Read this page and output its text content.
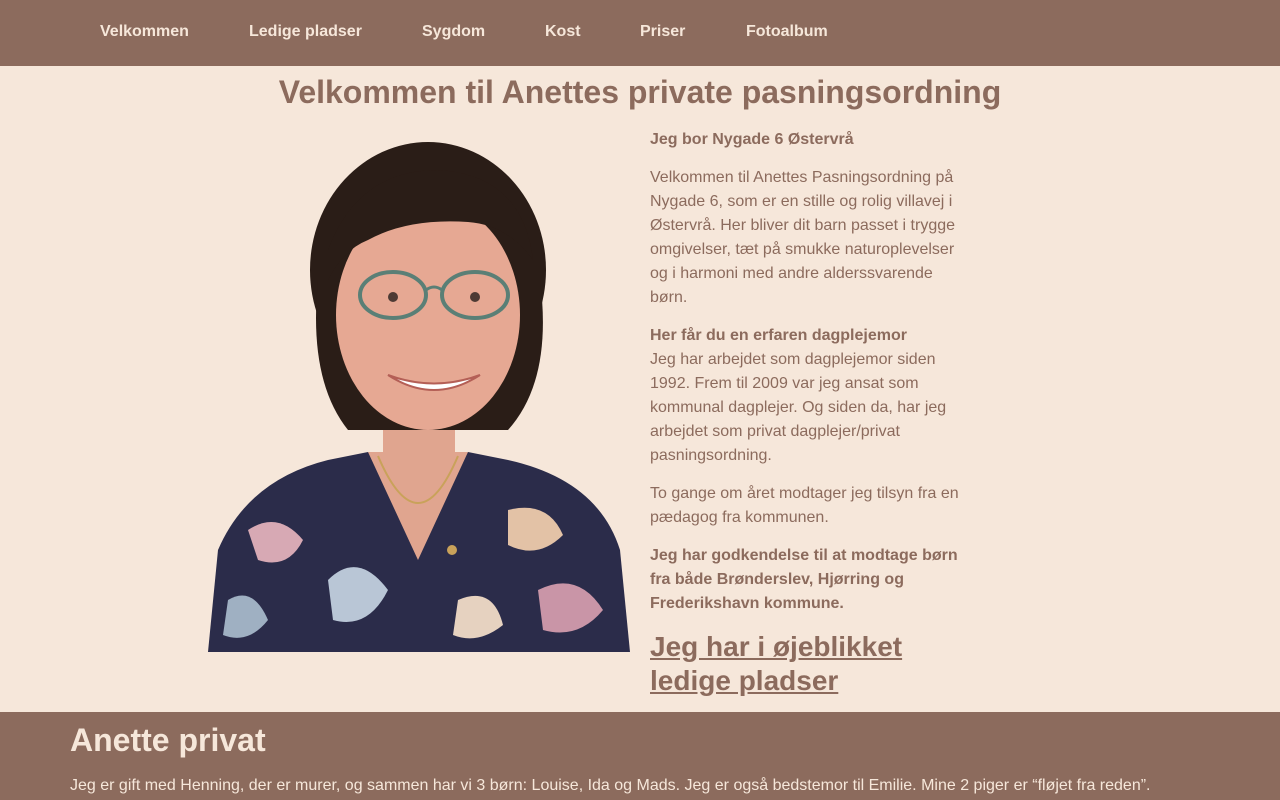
Velkommen	Ledige pladser	Sygdom	Kost	Priser	Fotoalbum
Velkommen til Anettes private pasningsordning

Jeg bor Nygade 6 Østervrå

Velkommen til Anettes Pasningsordning på Nygade 6, som er en stille og rolig villavej i Østervrå. Her bliver dit barn passet i trygge omgivelser, tæt på smukke naturoplevelser og i harmoni med andre alderssvarende børn.

Her får du en erfaren dagplejemor
Jeg har arbejdet som dagplejemor siden 1992. Frem til 2009 var jeg ansat som kommunal dagplejer. Og siden da, har jeg arbejdet som privat dagplejer/privat pasningsordning.

To gange om året modtager jeg tilsyn fra en pædagog fra kommunen.

Jeg har godkendelse til at modtage børn fra både Brønderslev, Hjørring og Frederikshavn kommune.

Jeg har i øjeblikket ledige pladser
Anette privat

Jeg er gift med Henning, der er murer, og sammen har vi 3 børn: Louise, Ida og Mads. Jeg er også bedstemor til Emilie. Mine 2 piger er “fløjet fra reden”.
